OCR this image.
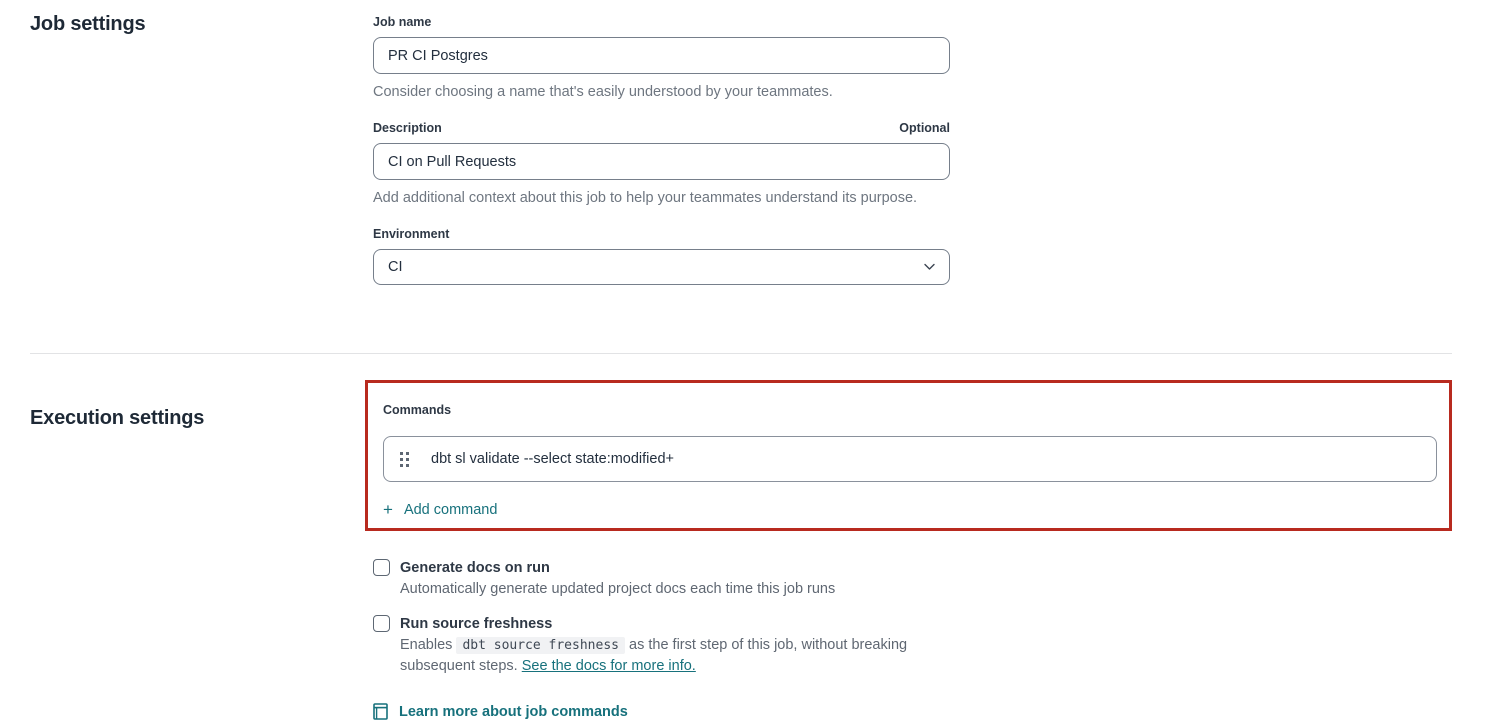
Job settings	Job name
PR CI Postgres
Consider choosing a name that's easily understood by your teammates.
Description	Optional
CI on Pull Requests
Add additional context about this job to help your teammates understand its purpose.
Environment
CI
Execution settings	Commands
dbt sl validate --select state:modified+
+ Add command
Generate docs on run
Automatically generate updated project docs each time this job runs
Run source freshness
Enables dbt source freshness as the first step of this job, without breaking subsequent steps. See the docs for more info.
Learn more about job commands
